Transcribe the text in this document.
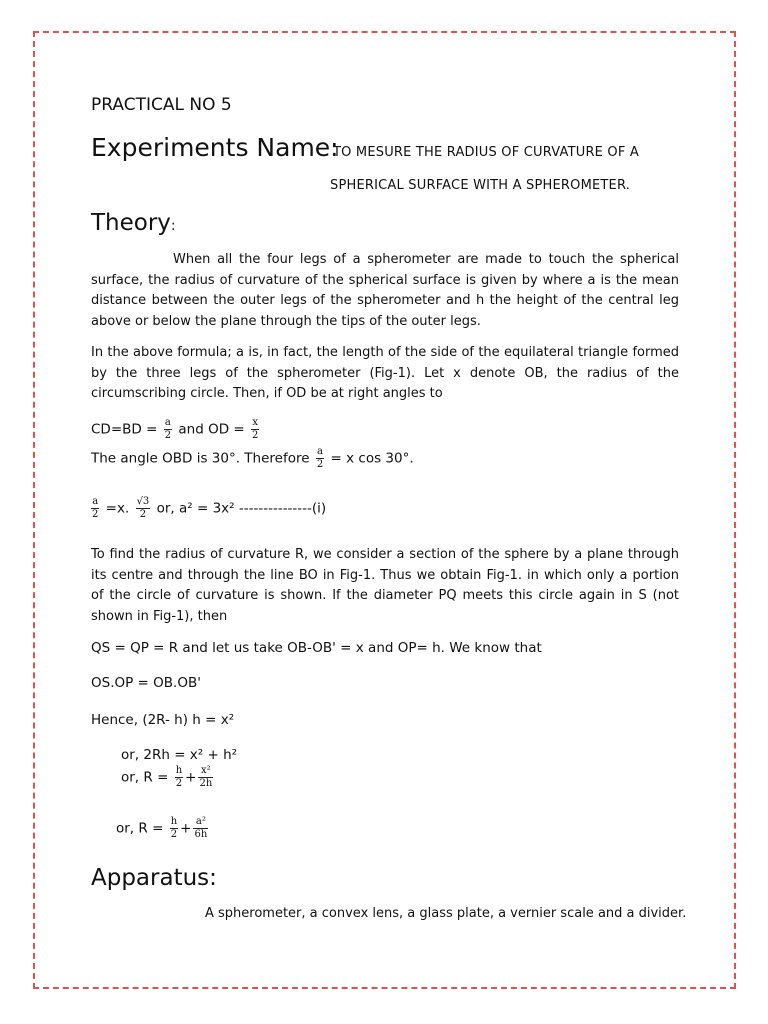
PRACTICAL NO 5
Experiments Name:
TO MESURE THE RADIUS OF CURVATURE OF A
SPHERICAL SURFACE WITH A SPHEROMETER.
Theory:
When all the four legs of a spherometer are made to touch the spherical surface, the radius of curvature of the spherical surface is given by where a is the mean distance between the outer legs of the spherometer and h the height of the central leg above or below the plane through the tips of the outer legs.
In the above formula; a is, in fact, the length of the side of the equilateral triangle formed by the three legs of the spherometer (Fig-1). Let x denote OB, the radius of the circumscribing circle. Then, if OD be at right angles to
$CD=BD = \frac{a}{2}$ and OD = $\frac{x}{2}$
The angle OBD is 30°. Therefore $\frac{a}{2} = x$ cos 30°.
$\frac{a}{2} =x$. $\frac{√3}{2}$ or, a² = 3x² ---------------(i)
To find the radius of curvature R, we consider a section of the sphere by a plane through its centre and through the line BO in Fig-1. Thus we obtain Fig-1. in which only a portion of the circle of curvature is shown. If the diameter PQ meets this circle again in S (not shown in Fig-1), then
QS = QP = R and let us take OB-OB' = x and OP= h. We know that
OS.OP = OB.OB'
Hence, (2R- h) h = x²
or, 2Rh = x² + h²
or, $R = \frac{h}{2} + \frac{\text{x²}}{2h}$
or, $R = \frac{h}{2} + \frac{\text{a²}}{6h}$
Apparatus:
A spherometer, a convex lens, a glass plate, a vernier scale and a divider.
